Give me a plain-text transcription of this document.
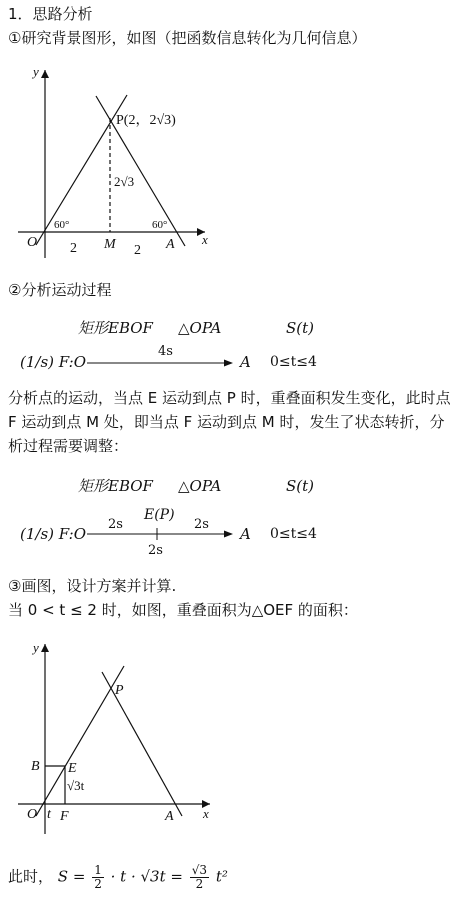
1．思路分析
①研究背景图形，如图（把函数信息转化为几何信息）
y
x
O
P(2，2√3)
2√3
60°	60°
M	A
2	2
②分析运动过程
矩形EBOF △OPA	S(t)
(1/s) F:O
4s
A 0≤t≤4
分析点的运动，当点 E 运动到点 P 时，重叠面积发生变化，此时点 F 运动到点 M 处，即当点 F 运动到点 M 时，发生了状态转折，分析过程需要调整：
矩形EBOF △OPA	S(t)
(1/s) F:O
E(P)
2s	2s
2s
A 0≤t≤4
③画图，设计方案并计算.
当 0 < t ≤ 2 时，如图，重叠面积为△OEF 的面积：
y
x
O
P
B E
√3t
t F	A
此时， $S = \frac{1}{2} \cdot t \cdot √3t = \frac{√3}{2} t^2$
